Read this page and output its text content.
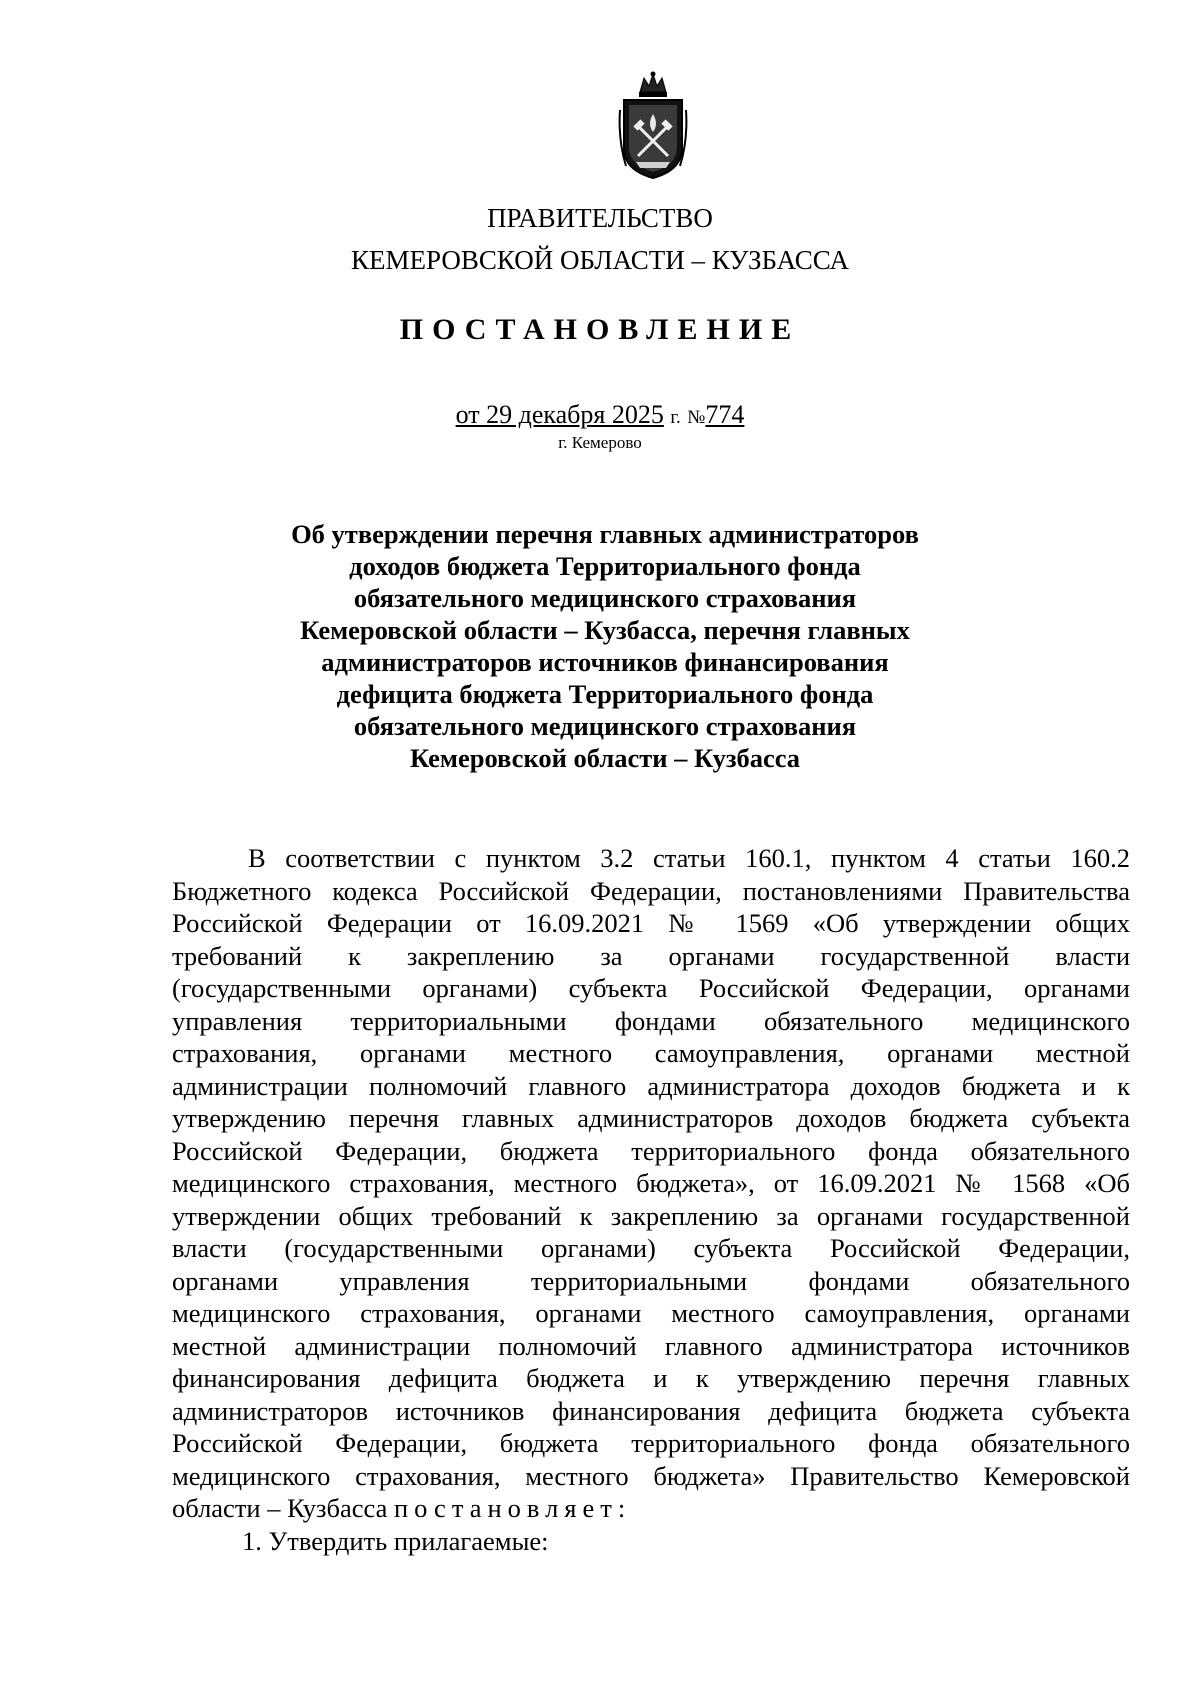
ПРАВИТЕЛЬСТВО
КЕМЕРОВСКОЙ ОБЛАСТИ – КУЗБАССА
ПОСТАНОВЛЕНИЕ
от 29 декабря 2025 г. №774
г. Кемерово
Об утверждении перечня главных администраторов
доходов бюджета Территориального фонда
обязательного медицинского страхования
Кемеровской области – Кузбасса, перечня главных
администраторов источников финансирования
дефицита бюджета Территориального фонда
обязательного медицинского страхования
Кемеровской области – Кузбасса
В соответствии с пунктом 3.2 статьи 160.1, пунктом 4 статьи 160.2
Бюджетного кодекса Российской Федерации, постановлениями Правительства
Российской Федерации от 16.09.2021 № 1569 «Об утверждении общих
требований к закреплению за органами государственной власти
(государственными органами) субъекта Российской Федерации, органами
управления территориальными фондами обязательного медицинского
страхования, органами местного самоуправления, органами местной
администрации полномочий главного администратора доходов бюджета и к
утверждению перечня главных администраторов доходов бюджета субъекта
Российской Федерации, бюджета территориального фонда обязательного
медицинского страхования, местного бюджета», от 16.09.2021 № 1568 «Об
утверждении общих требований к закреплению за органами государственной
власти (государственными органами) субъекта Российской Федерации,
органами управления территориальными фондами обязательного
медицинского страхования, органами местного самоуправления, органами
местной администрации полномочий главного администратора источников
финансирования дефицита бюджета и к утверждению перечня главных
администраторов источников финансирования дефицита бюджета субъекта
Российской Федерации, бюджета территориального фонда обязательного
медицинского страхования, местного бюджета» Правительство Кемеровской
области – Кузбасса постановляет:
1. Утвердить прилагаемые:
